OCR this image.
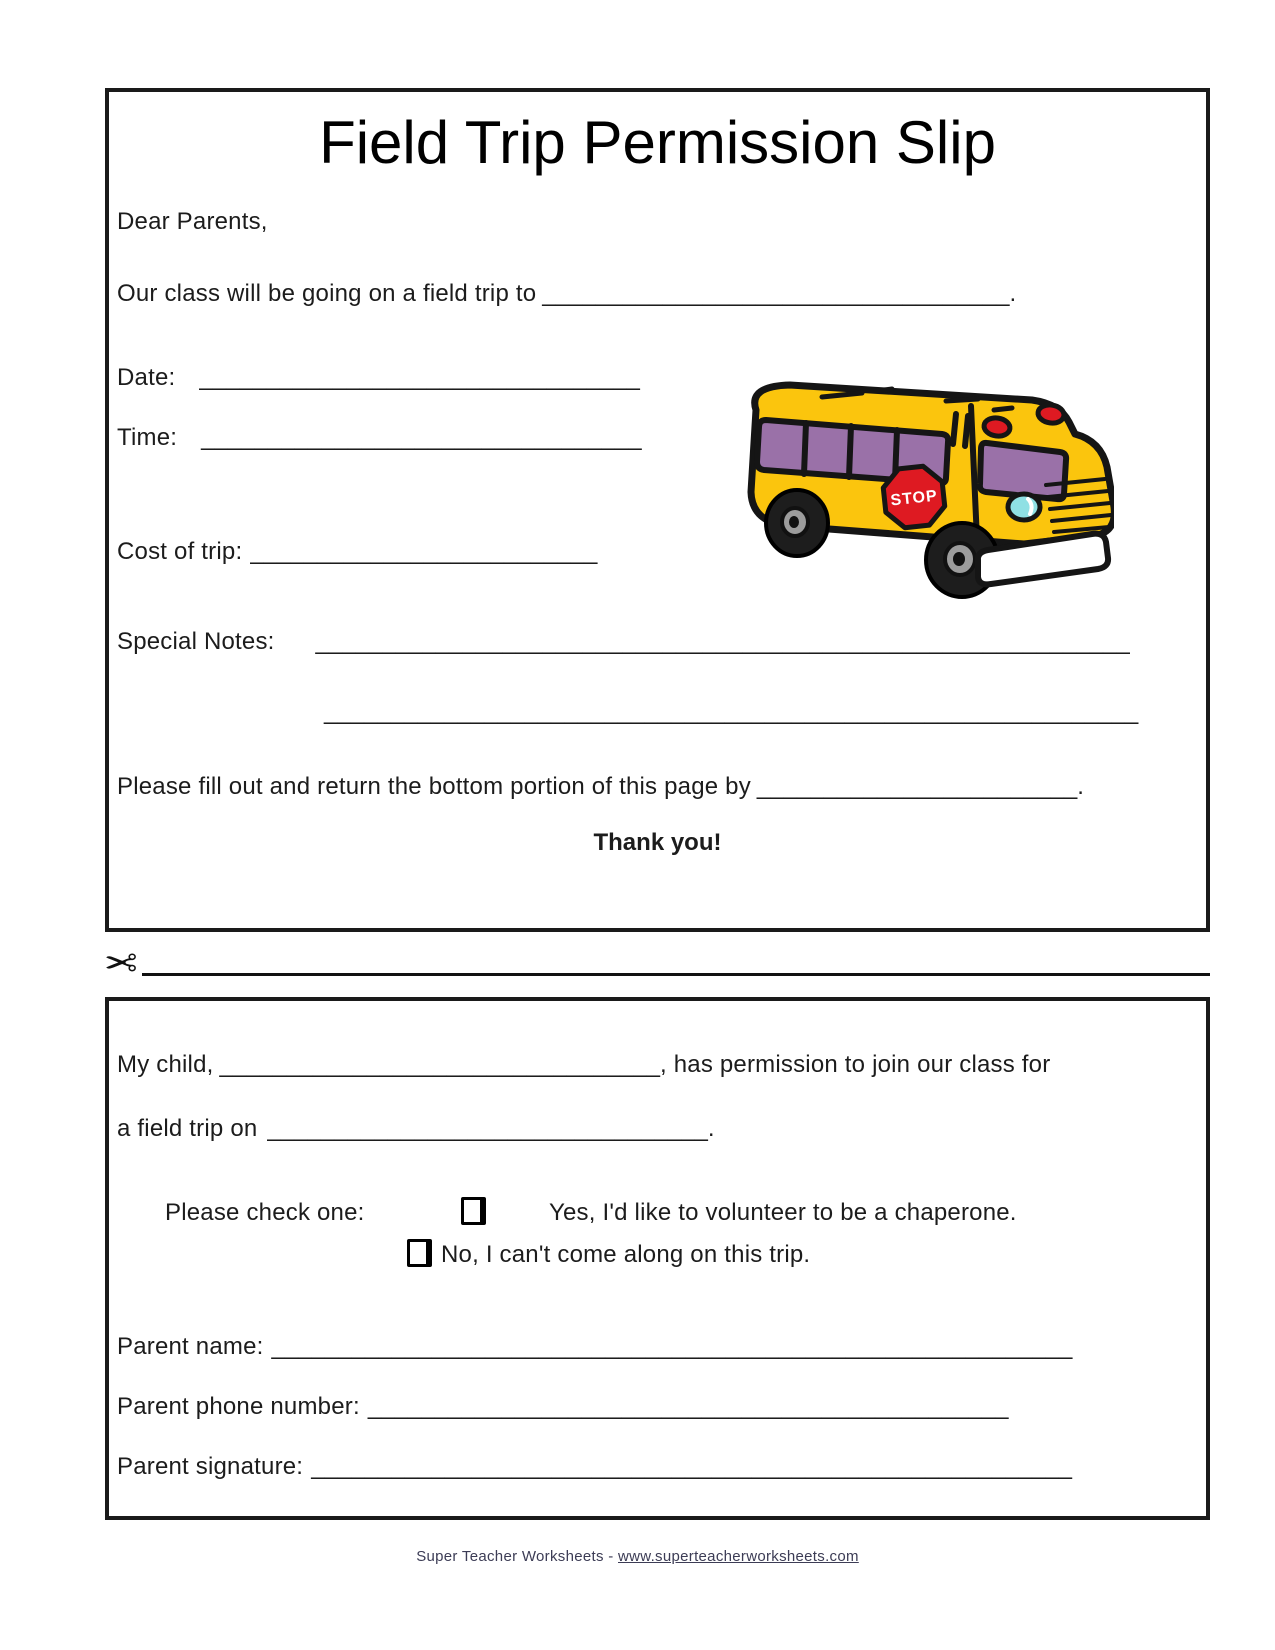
Field Trip Permission Slip
Dear Parents,
Our class will be going on a field trip to ___________________________________.
Date: _________________________________
Time: _________________________________
Cost of trip: __________________________
Special Notes: _____________________________________________________________
_____________________________________________________________
Please fill out and return the bottom portion of this page by ________________________.
Thank you!
STOP
✂
My child, _________________________________, has permission to join our class for
a field trip on _________________________________.
Please check one:	Yes, I'd like to volunteer to be a chaperone.
No, I can't come along on this trip.
Parent name: ____________________________________________________________
Parent phone number: ________________________________________________
Parent signature: _________________________________________________________
Super Teacher Worksheets - www.superteacherworksheets.com
